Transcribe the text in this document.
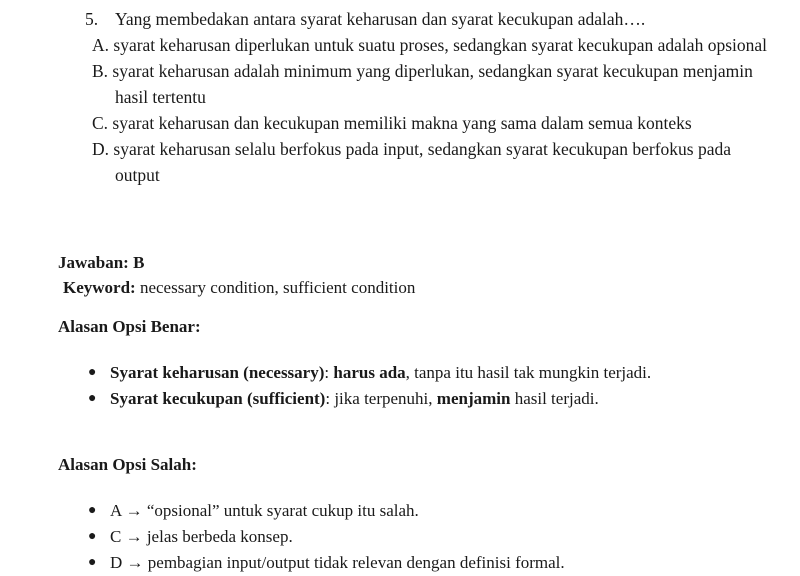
5. Yang membedakan antara syarat keharusan dan syarat kecukupan adalah….
A. syarat keharusan diperlukan untuk suatu proses, sedangkan syarat kecukupan adalah opsional
B. syarat keharusan adalah minimum yang diperlukan, sedangkan syarat kecukupan menjamin hasil tertentu
C. syarat keharusan dan kecukupan memiliki makna yang sama dalam semua konteks
D. syarat keharusan selalu berfokus pada input, sedangkan syarat kecukupan berfokus pada output
Jawaban: B
Keyword: necessary condition, sufficient condition
Alasan Opsi Benar:
● Syarat keharusan (necessary): harus ada, tanpa itu hasil tak mungkin terjadi.
● Syarat kecukupan (sufficient): jika terpenuhi, menjamin hasil terjadi.
Alasan Opsi Salah:
● A → “opsional” untuk syarat cukup itu salah.
● C → jelas berbeda konsep.
● D → pembagian input/output tidak relevan dengan definisi formal.
